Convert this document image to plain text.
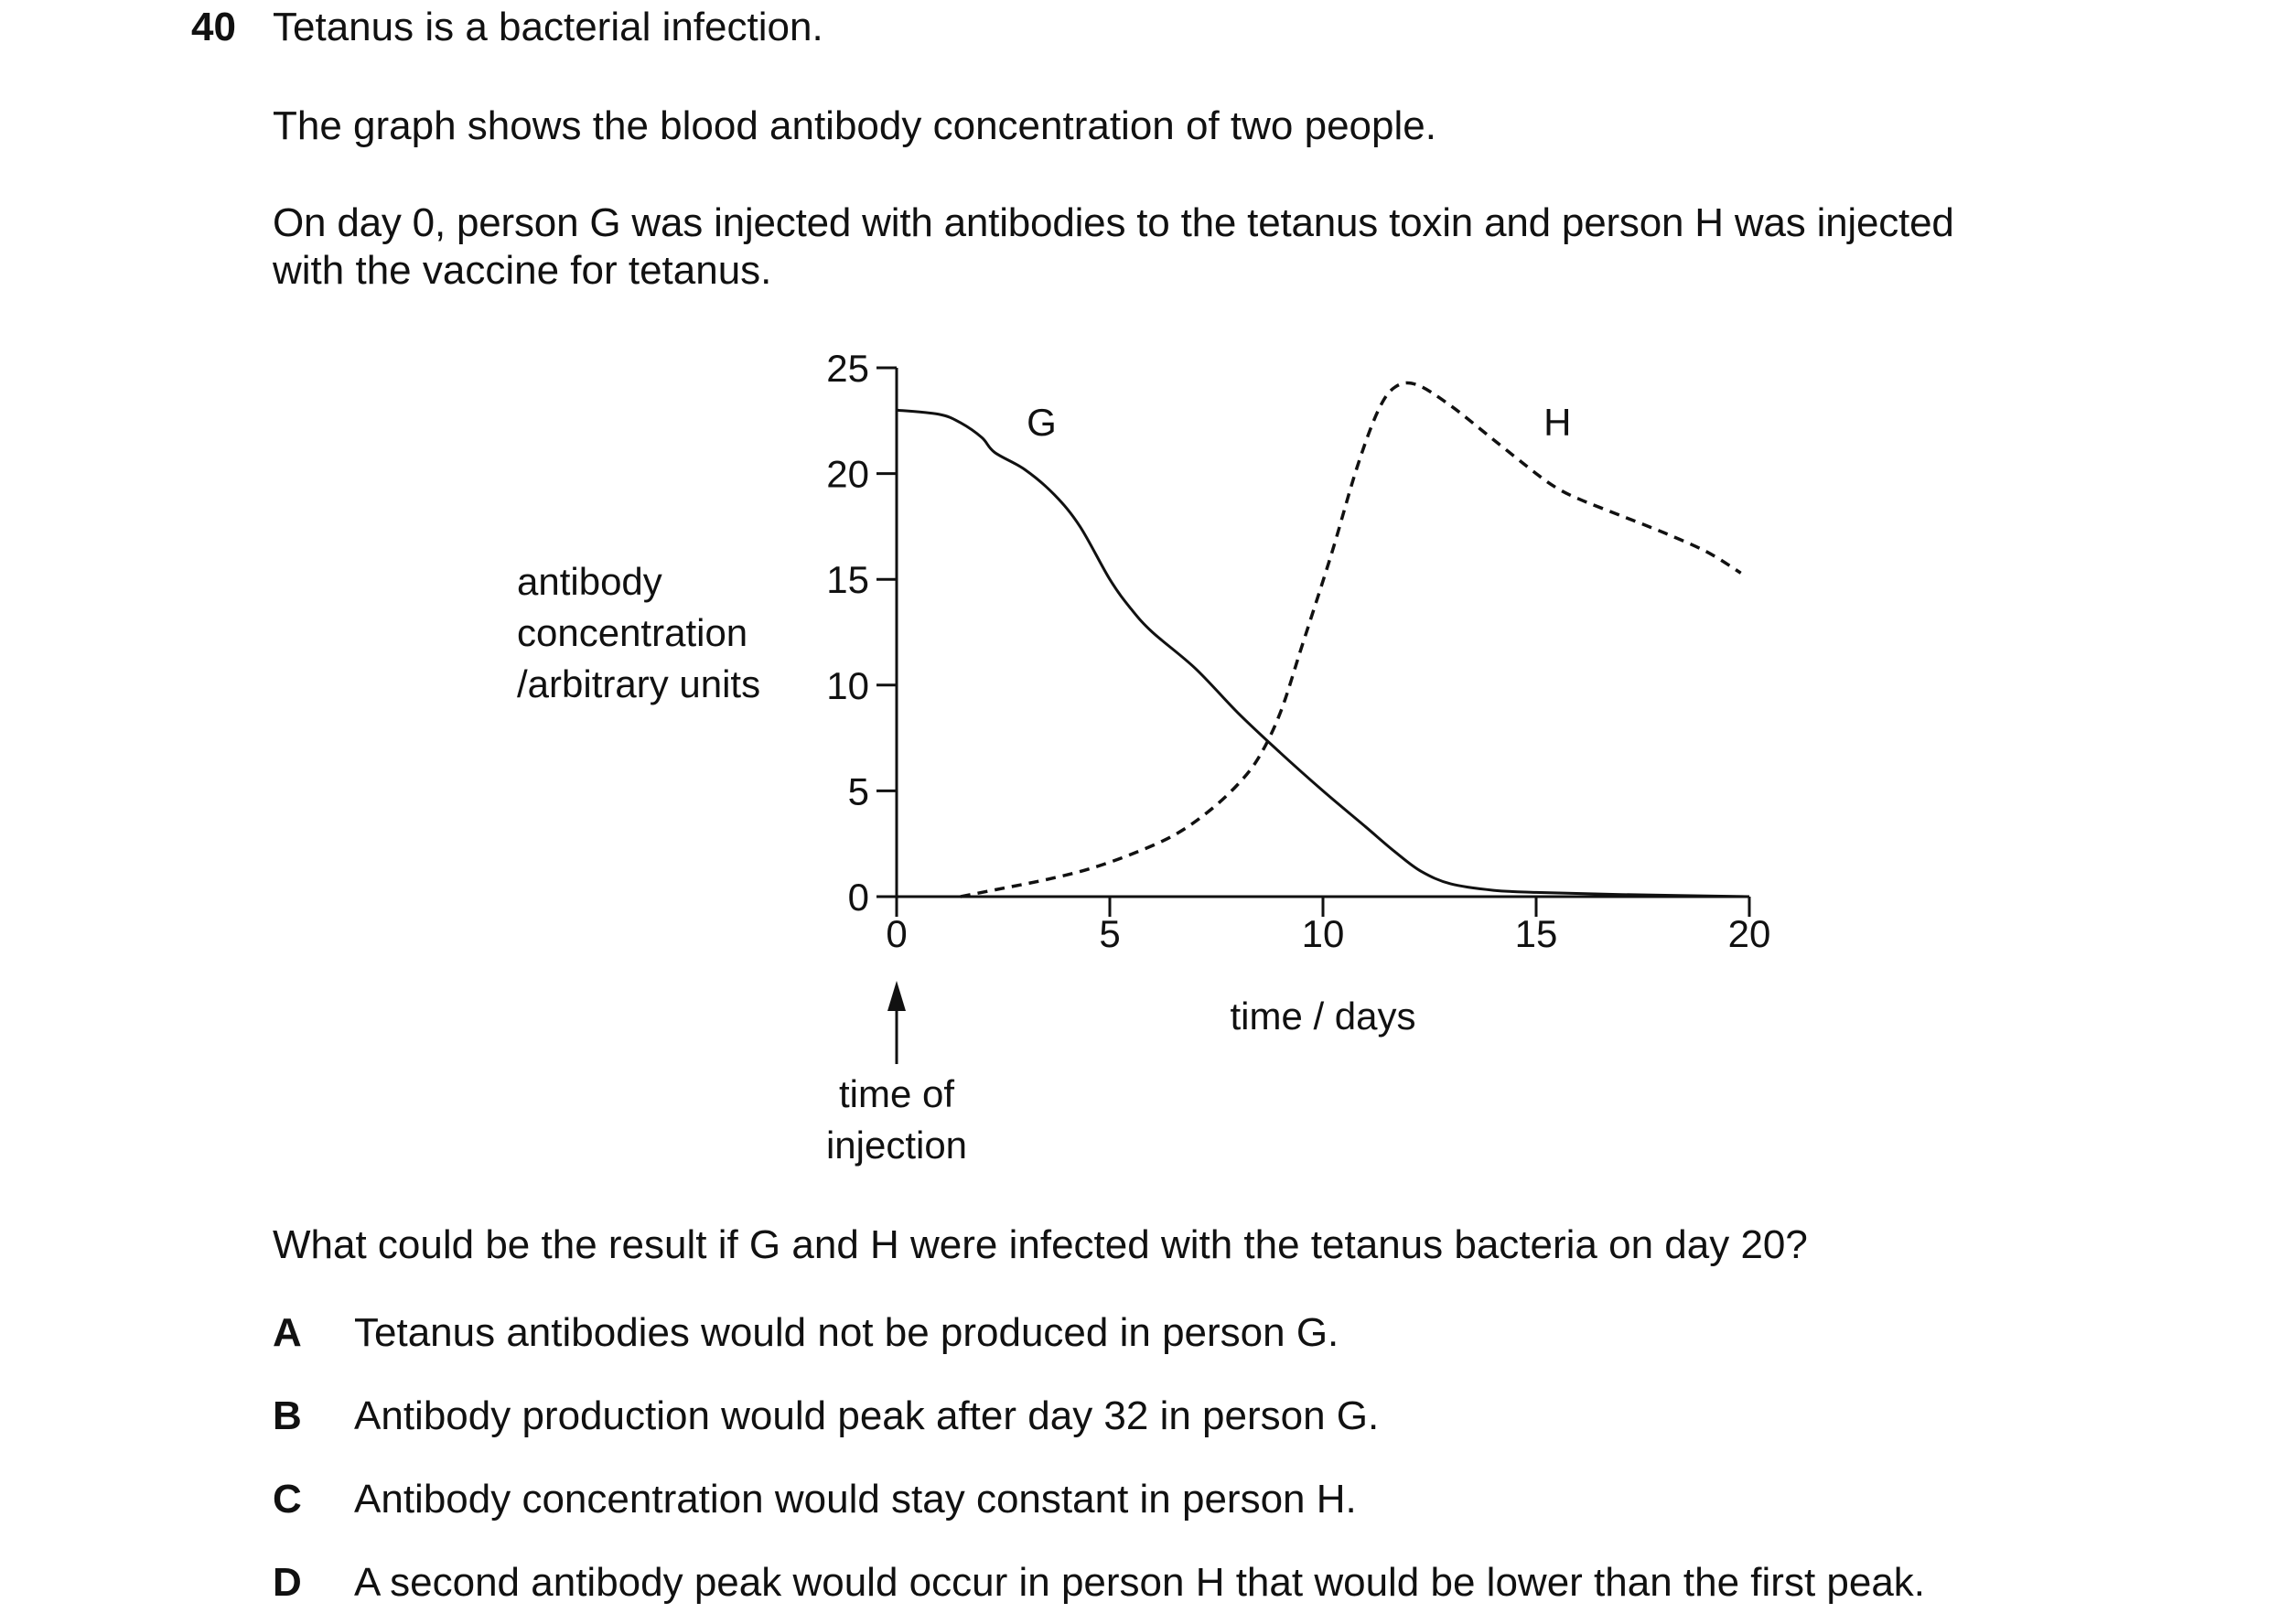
40 Tetanus is a bacterial infection.
The graph shows the blood antibody concentration of two people.
On day 0, person G was injected with antibodies to the tetanus toxin and person H was injected
with the vaccine for tetanus.
0
5
10
15
20
25
0	5	10	15	20
antibody
concentration
/arbitrary units
time / days
time of
injection
G	H
What could be the result if G and H were infected with the tetanus bacteria on day 20?
A Tetanus antibodies would not be produced in person G.
B Antibody production would peak after day 32 in person G.
C Antibody concentration would stay constant in person H.
D A second antibody peak would occur in person H that would be lower than the first peak.
